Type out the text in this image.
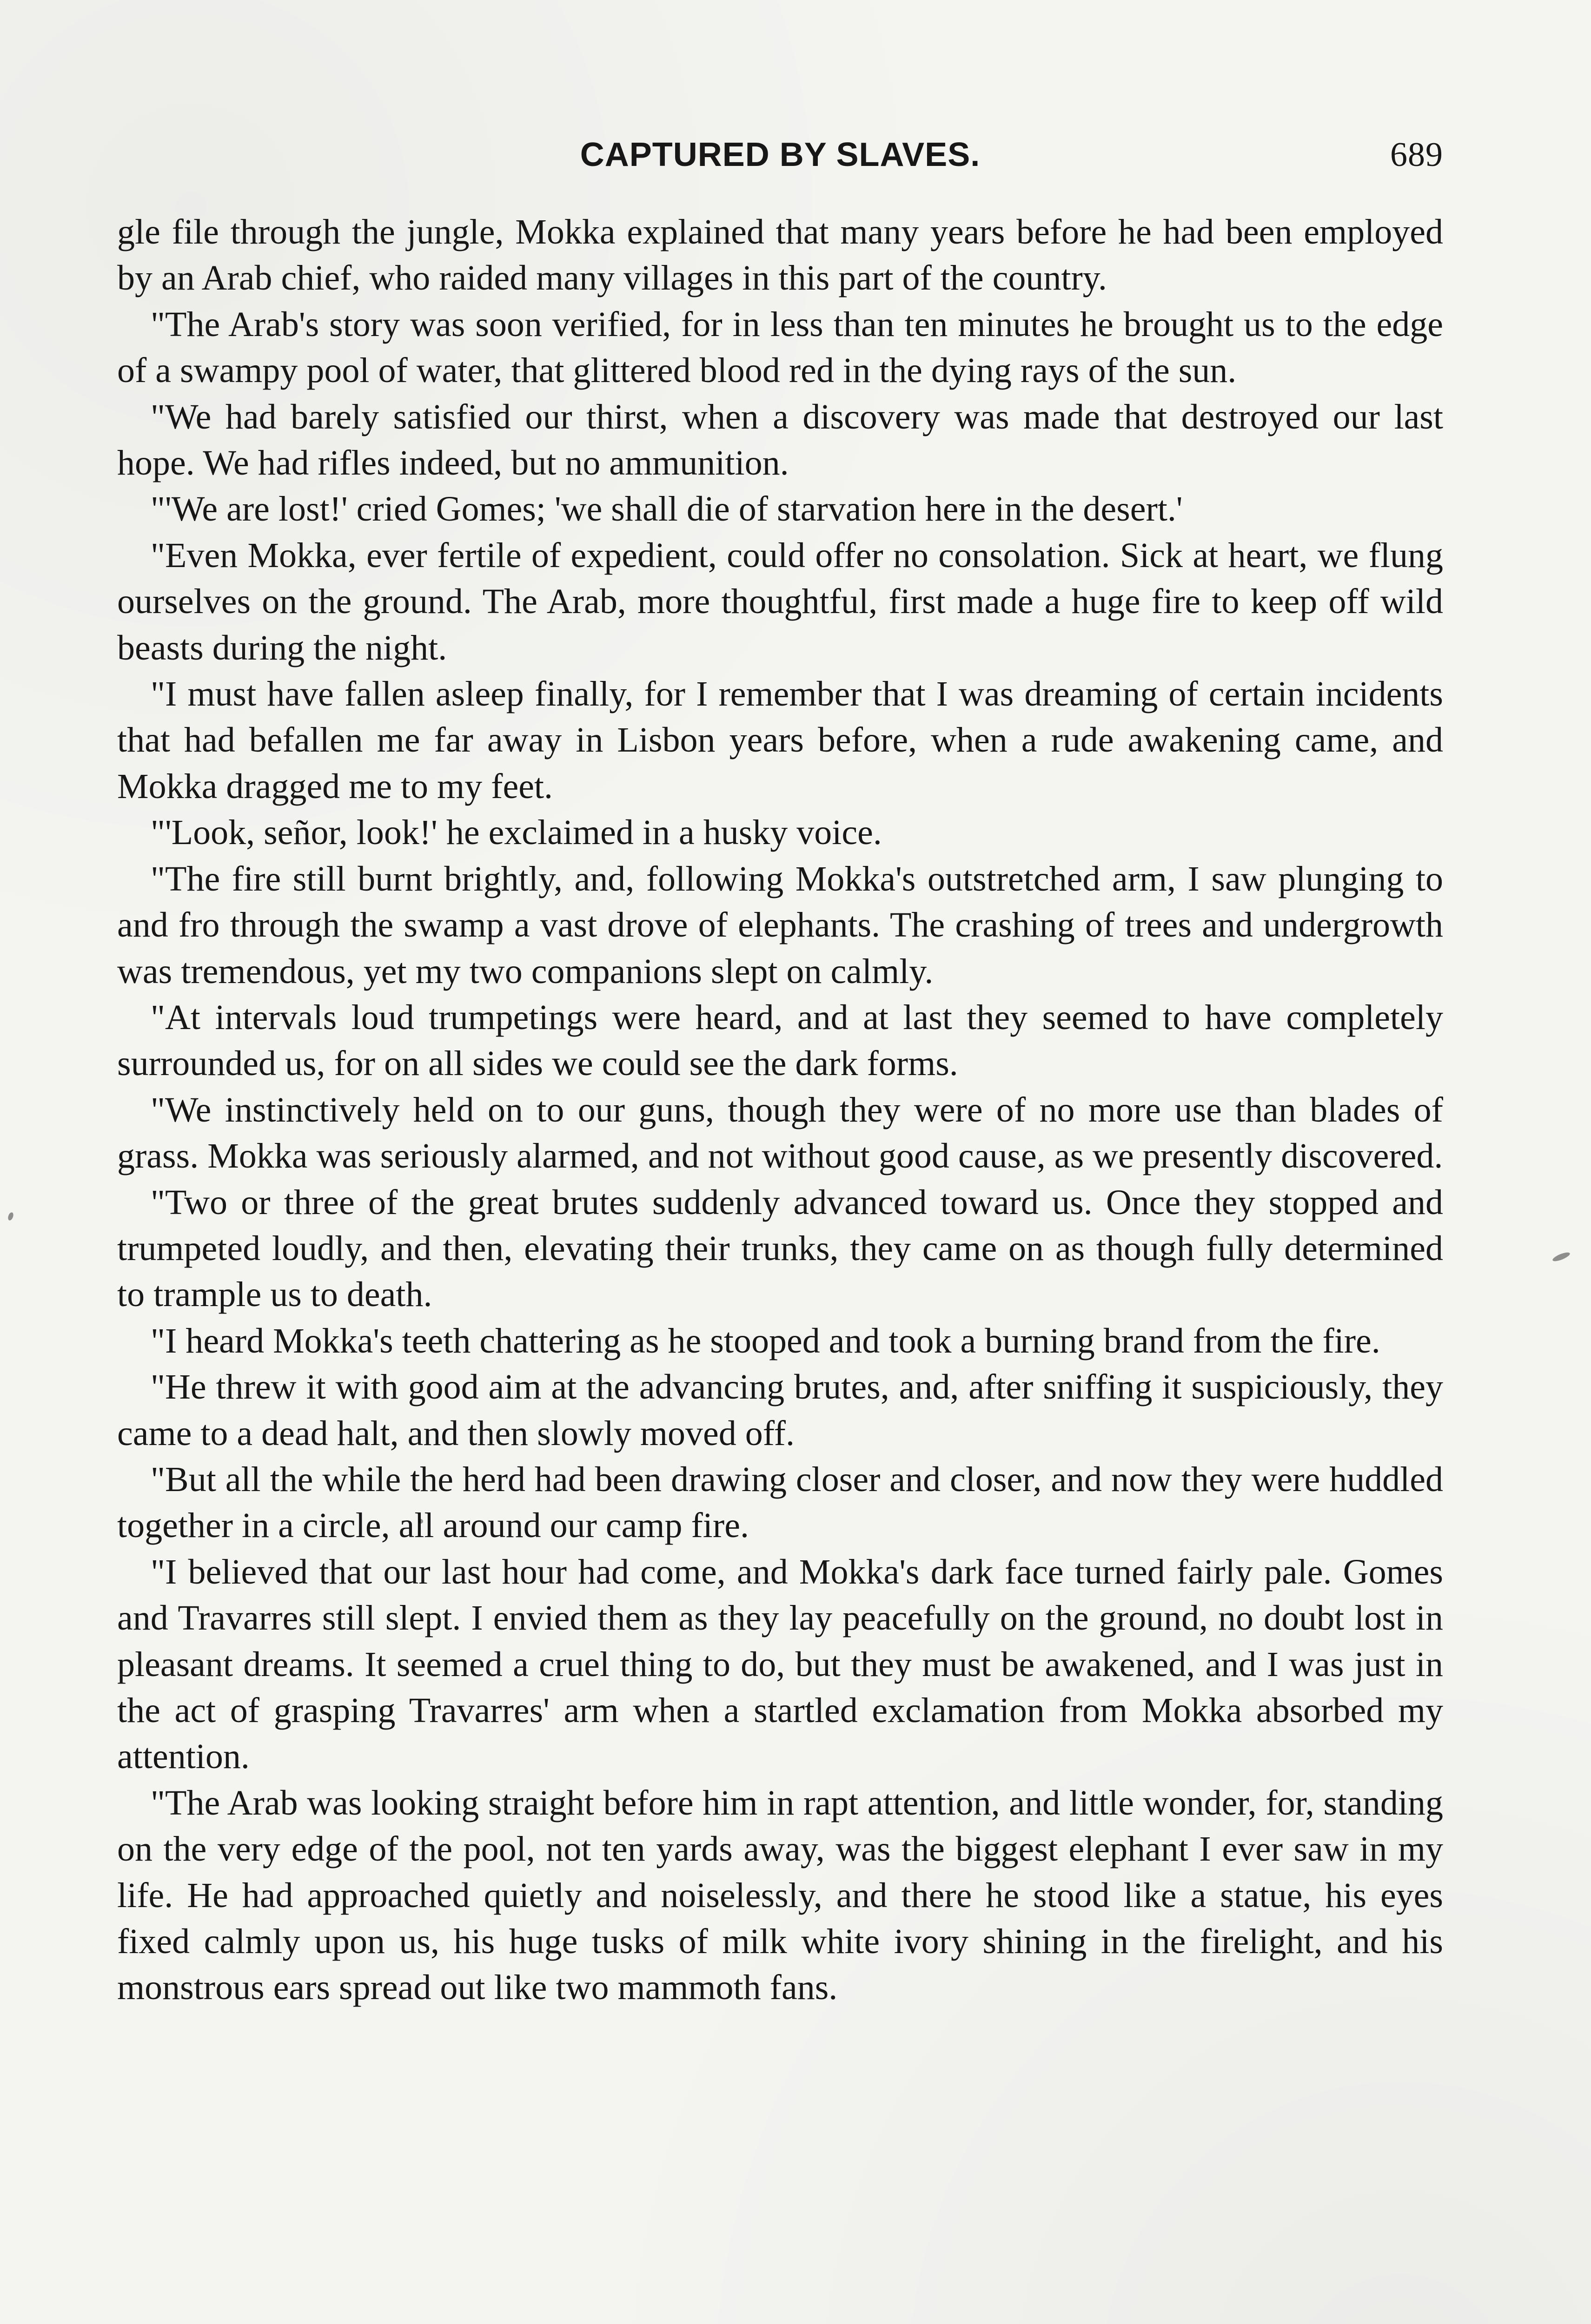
CAPTURED BY SLAVES.	689

gle file through the jungle, Mokka explained that many years before he had been employed by an Arab chief, who raided many villages in this part of the country.

"The Arab's story was soon verified, for in less than ten minutes he brought us to the edge of a swampy pool of water, that glittered blood red in the dying rays of the sun.

"We had barely satisfied our thirst, when a discovery was made that destroyed our last hope. We had rifles indeed, but no ammunition.

"'We are lost!' cried Gomes; 'we shall die of starvation here in the desert.'

"Even Mokka, ever fertile of expedient, could offer no consolation. Sick at heart, we flung ourselves on the ground. The Arab, more thoughtful, first made a huge fire to keep off wild beasts during the night.

"I must have fallen asleep finally, for I remember that I was dreaming of certain incidents that had befallen me far away in Lisbon years before, when a rude awakening came, and Mokka dragged me to my feet.

"'Look, señor, look!' he exclaimed in a husky voice.

"The fire still burnt brightly, and, following Mokka's outstretched arm, I saw plunging to and fro through the swamp a vast drove of elephants. The crashing of trees and undergrowth was tremendous, yet my two companions slept on calmly.

"At intervals loud trumpetings were heard, and at last they seemed to have completely surrounded us, for on all sides we could see the dark forms.

"We instinctively held on to our guns, though they were of no more use than blades of grass. Mokka was seriously alarmed, and not without good cause, as we presently discovered.

"Two or three of the great brutes suddenly advanced toward us. Once they stopped and trumpeted loudly, and then, elevating their trunks, they came on as though fully determined to trample us to death.

"I heard Mokka's teeth chattering as he stooped and took a burning brand from the fire.

"He threw it with good aim at the advancing brutes, and, after sniffing it suspiciously, they came to a dead halt, and then slowly moved off.

"But all the while the herd had been drawing closer and closer, and now they were huddled together in a circle, all around our camp fire.

"I believed that our last hour had come, and Mokka's dark face turned fairly pale. Gomes and Travarres still slept. I envied them as they lay peacefully on the ground, no doubt lost in pleasant dreams. It seemed a cruel thing to do, but they must be awakened, and I was just in the act of grasping Travarres' arm when a startled exclamation from Mokka absorbed my attention.

"The Arab was looking straight before him in rapt attention, and little wonder, for, standing on the very edge of the pool, not ten yards away, was the biggest elephant I ever saw in my life. He had approached quietly and noiselessly, and there he stood like a statue, his eyes fixed calmly upon us, his huge tusks of milk white ivory shining in the firelight, and his monstrous ears spread out like two mammoth fans.
